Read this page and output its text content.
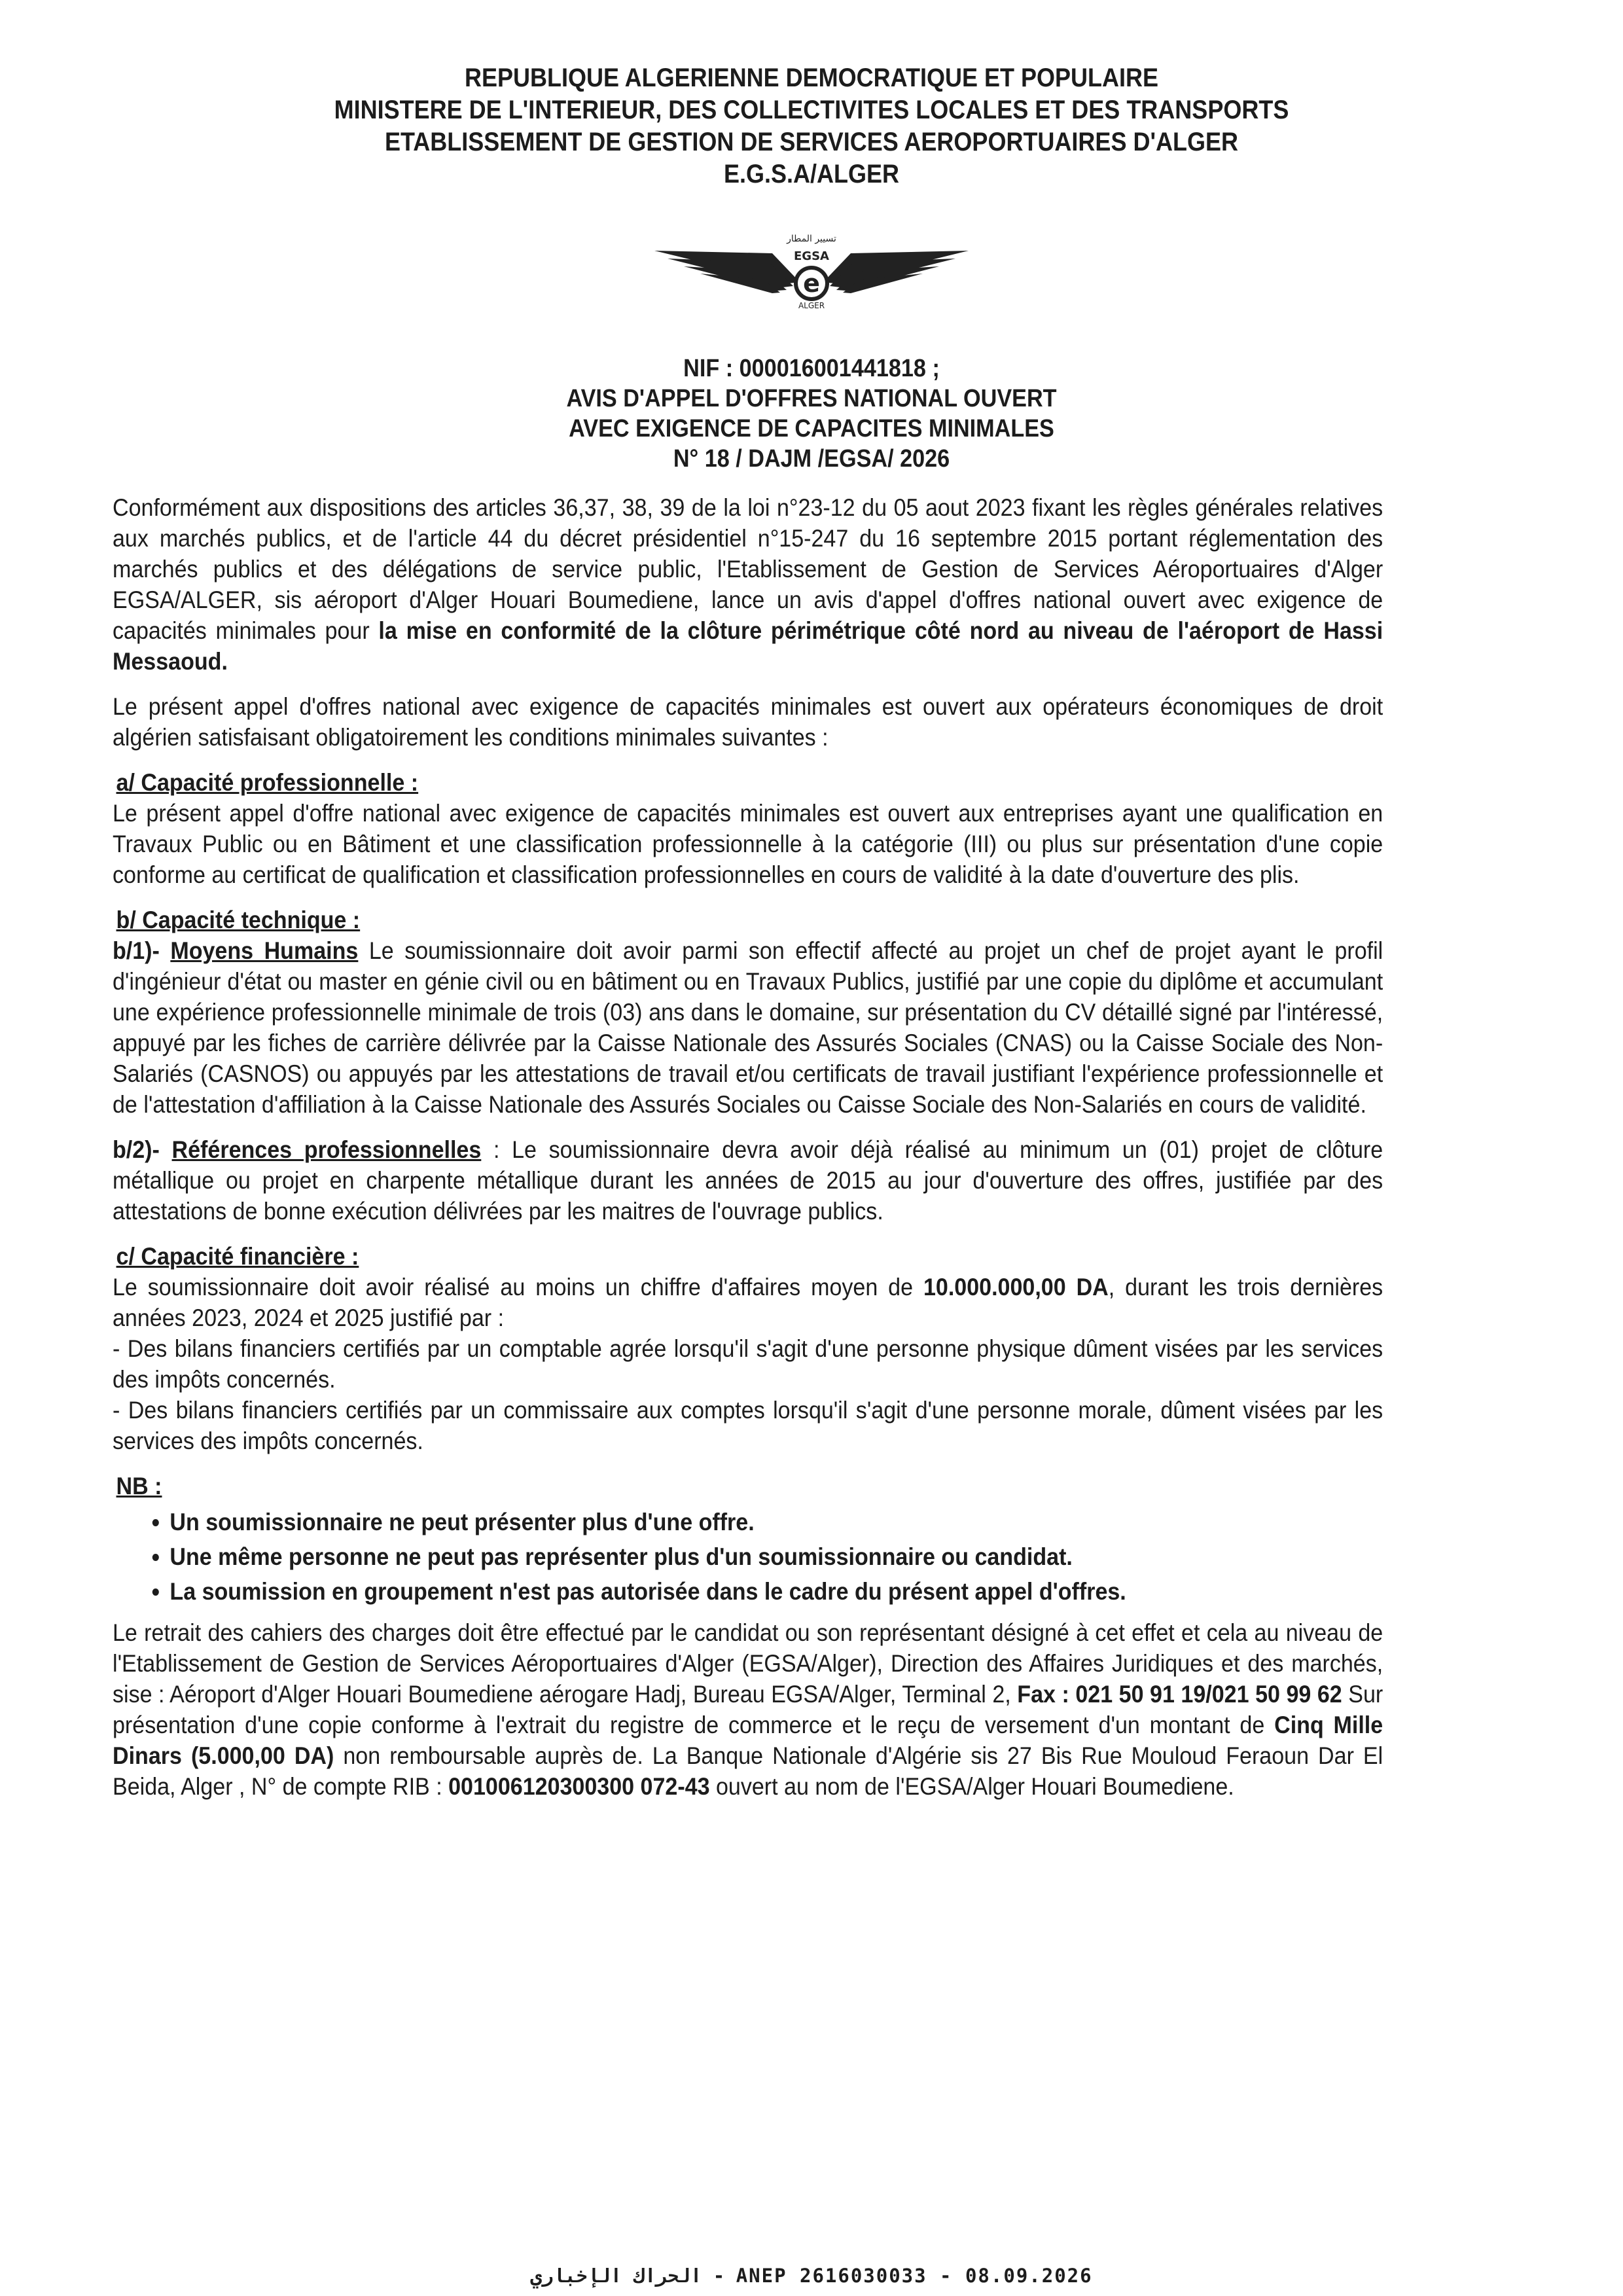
REPUBLIQUE ALGERIENNE DEMOCRATIQUE ET POPULAIRE
MINISTERE DE L'INTERIEUR, DES COLLECTIVITES LOCALES ET DES TRANSPORTS
ETABLISSEMENT DE GESTION DE SERVICES AEROPORTUAIRES D'ALGER
E.G.S.A/ALGER
e
EGSA
تسيير المطار
ALGER
NIF : 000016001441818 ;
AVIS D'APPEL D'OFFRES NATIONAL OUVERT
AVEC EXIGENCE DE CAPACITES MINIMALES
N° 18 / DAJM /EGSA/ 2026

Conformément aux dispositions des articles 36,37, 38, 39 de la loi n°23-12 du 05 aout 2023 fixant les règles générales relatives aux marchés publics, et de l'article 44 du décret présidentiel n°15-247 du 16 septembre 2015 portant réglementation des marchés publics et des délégations de service public, l'Etablissement de Gestion de Services Aéroportuaires d'Alger EGSA/ALGER, sis aéroport d'Alger Houari Boumediene, lance un avis d'appel d'offres national ouvert avec exigence de capacités minimales pour la mise en conformité de la clôture périmétrique côté nord au niveau de l'aéroport de Hassi Messaoud.

Le présent appel d'offres national avec exigence de capacités minimales est ouvert aux opérateurs économiques de droit algérien satisfaisant obligatoirement les conditions minimales suivantes :

a/ Capacité professionnelle :

Le présent appel d'offre national avec exigence de capacités minimales est ouvert aux entreprises ayant une qualification en Travaux Public ou en Bâtiment et une classification professionnelle à la catégorie (III) ou plus sur présentation d'une copie conforme au certificat de qualification et classification professionnelles en cours de validité à la date d'ouverture des plis.

b/ Capacité technique :

b/1)- Moyens Humains Le soumissionnaire doit avoir parmi son effectif affecté au projet un chef de projet ayant le profil d'ingénieur d'état ou master en génie civil ou en bâtiment ou en Travaux Publics, justifié par une copie du diplôme et accumulant une expérience professionnelle minimale de trois (03) ans dans le domaine, sur présentation du CV détaillé signé par l'intéressé, appuyé par les fiches de carrière délivrée par la Caisse Nationale des Assurés Sociales (CNAS) ou la Caisse Sociale des Non-Salariés (CASNOS) ou appuyés par les attestations de travail et/ou certificats de travail justifiant l'expérience professionnelle et de l'attestation d'affiliation à la Caisse Nationale des Assurés Sociales ou Caisse Sociale des Non-Salariés en cours de validité.

b/2)- Références professionnelles : Le soumissionnaire devra avoir déjà réalisé au minimum un (01) projet de clôture métallique ou projet en charpente métallique durant les années de 2015 au jour d'ouverture des offres, justifiée par des attestations de bonne exécution délivrées par les maitres de l'ouvrage publics.

c/ Capacité financière :

Le soumissionnaire doit avoir réalisé au moins un chiffre d'affaires moyen de 10.000.000,00 DA, durant les trois dernières années 2023, 2024 et 2025 justifié par :

- Des bilans financiers certifiés par un comptable agrée lorsqu'il s'agit d'une personne physique dûment visées par les services des impôts concernés.

- Des bilans financiers certifiés par un commissaire aux comptes lorsqu'il s'agit d'une personne morale, dûment visées par les services des impôts concernés.

NB :
• Un soumissionnaire ne peut présenter plus d'une offre.
• Une même personne ne peut pas représenter plus d'un soumissionnaire ou candidat.
• La soumission en groupement n'est pas autorisée dans le cadre du présent appel d'offres.

Le retrait des cahiers des charges doit être effectué par le candidat ou son représentant désigné à cet effet et cela au niveau de l'Etablissement de Gestion de Services Aéroportuaires d'Alger (EGSA/Alger), Direction des Affaires Juridiques et des marchés, sise : Aéroport d'Alger Houari Boumediene aérogare Hadj, Bureau EGSA/Alger, Terminal 2, Fax : 021 50 91 19/021 50 99 62 Sur présentation d'une copie conforme à l'extrait du registre de commerce et le reçu de versement d'un montant de Cinq Mille Dinars (5.000,00 DA) non remboursable auprès de. La Banque Nationale d'Algérie sis 27 Bis Rue Mouloud Feraoun Dar El Beida, Alger , N° de compte RIB : 001006120300300 072-43 ouvert au nom de l'EGSA/Alger Houari Boumediene.

الحراك الإخباري - ANEP 2616030033 - 08.09.2026
